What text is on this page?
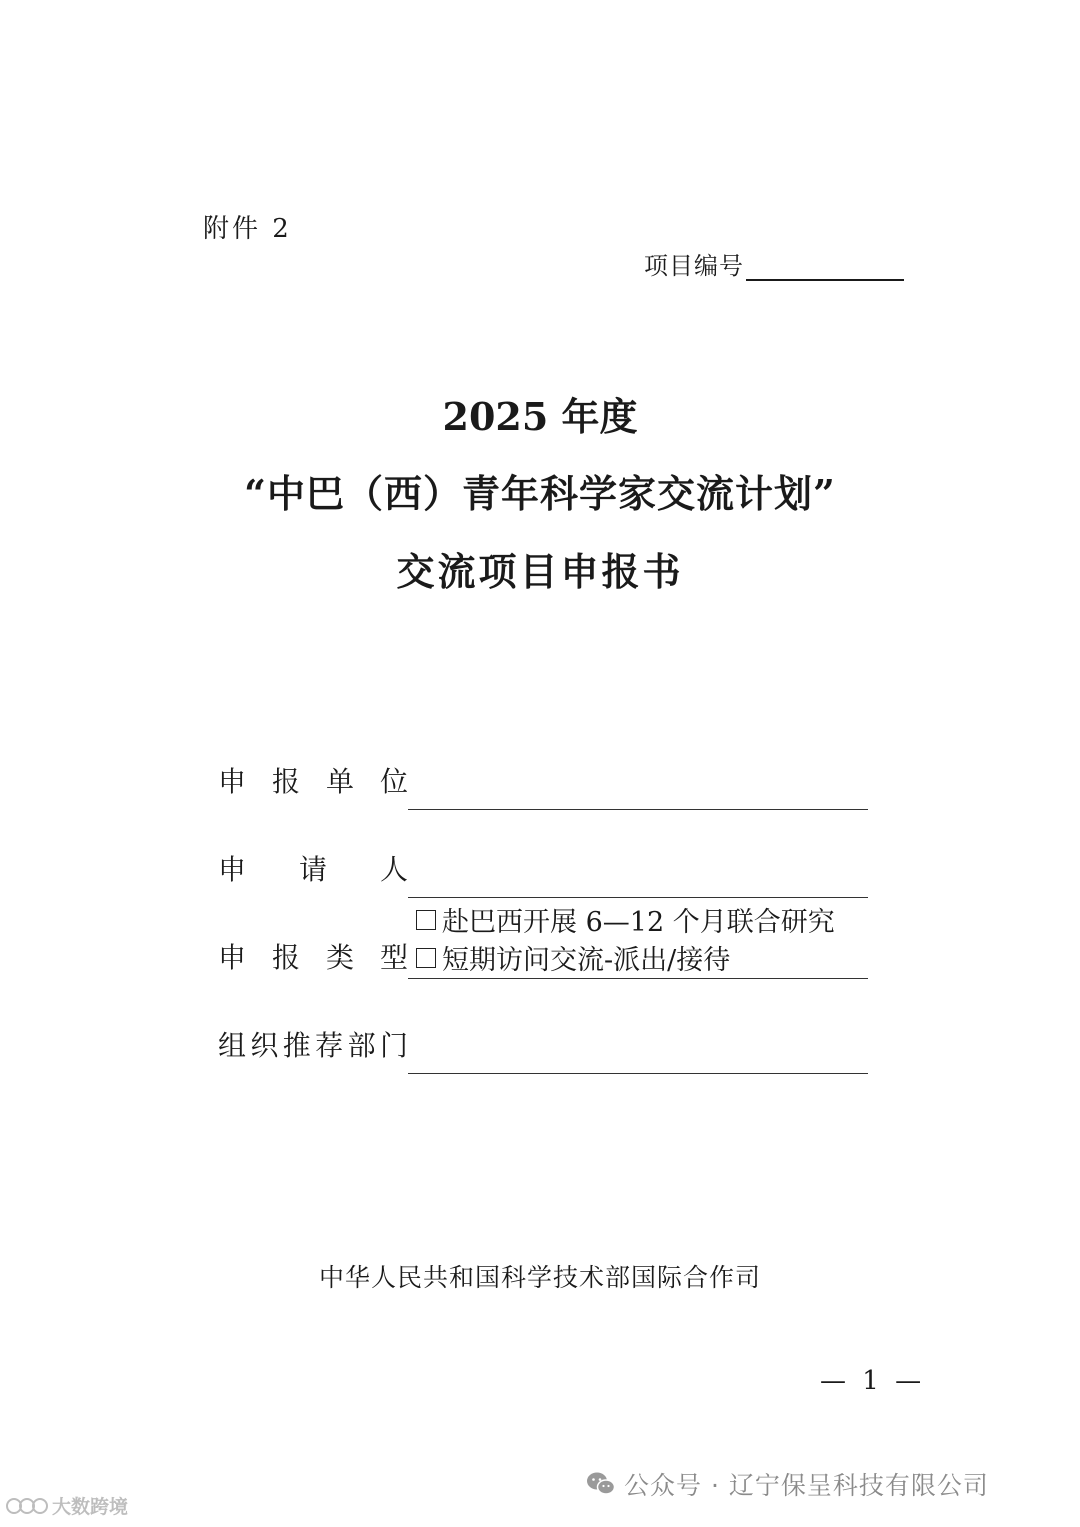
附件 2
项目编号
2025 年度
“中巴（西）青年科学家交流计划”
交流项目申报书
申 报 单 位
申 请 人
申 报 类 型
赴巴西开展 6—12 个月联合研究
短期访问交流-派出/接待
组 织 推 荐 部 门
中华人民共和国科学技术部国际合作司
— 1 —
公众号 · 辽宁保呈科技有限公司
大数跨境
